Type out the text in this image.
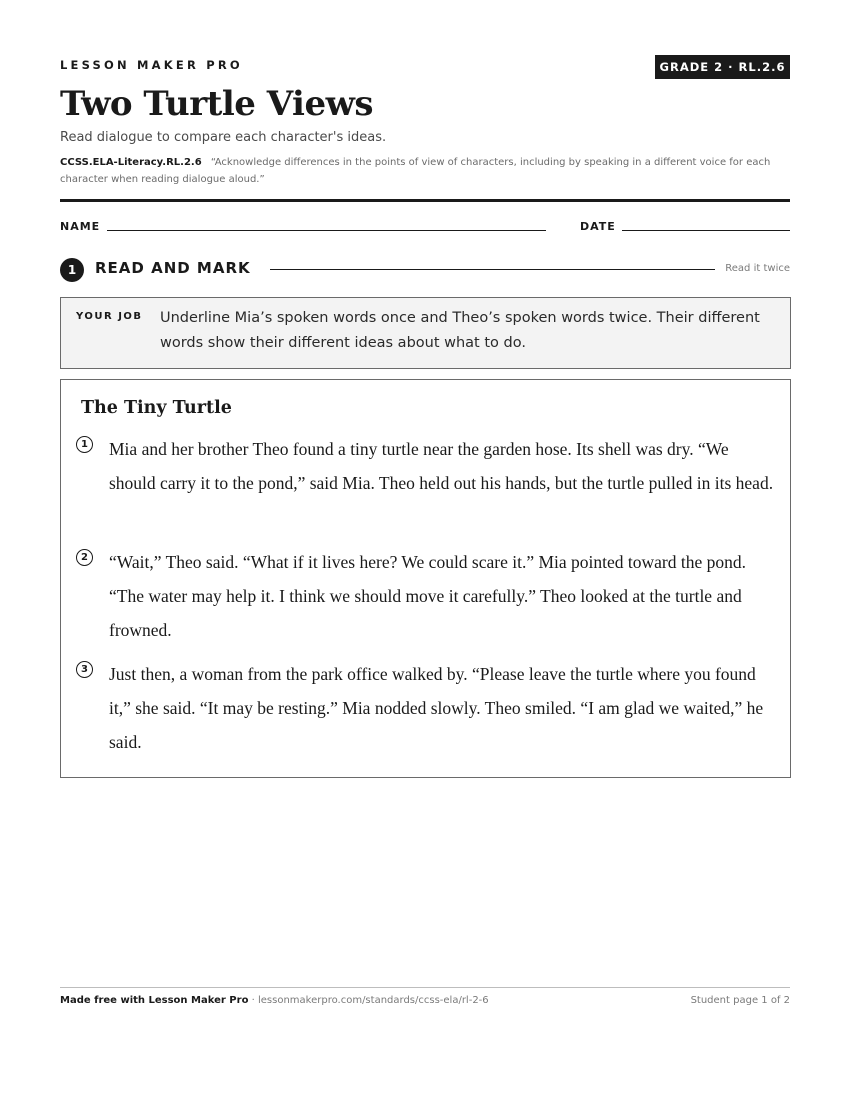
LESSON MAKER PRO	GRADE 2 · RL.2.6
Two Turtle Views
Read dialogue to compare each character's ideas.
CCSS.ELA-Literacy.RL.2.6 “Acknowledge differences in the points of view of characters, including by speaking in a different voice for each character when reading dialogue aloud.”
NAME	DATE
1	READ AND MARK	Read it twice
YOUR JOB Underline Mia’s spoken words once and Theo’s spoken words twice. Their different words show their different ideas about what to do.
The Tiny Turtle
1 Mia and her brother Theo found a tiny turtle near the garden hose. Its shell was dry. “We should carry it to the pond,” said Mia. Theo held out his hands, but the turtle pulled in its head.
2 “Wait,” Theo said. “What if it lives here? We could scare it.” Mia pointed toward the pond. “The water may help it. I think we should move it carefully.” Theo looked at the turtle and frowned.
3 Just then, a woman from the park office walked by. “Please leave the turtle where you found it,” she said. “It may be resting.” Mia nodded slowly. Theo smiled. “I am glad we waited,” he said.
Made free with Lesson Maker Pro · lessonmakerpro.com/standards/ccss-ela/rl-2-6	Student page 1 of 2
